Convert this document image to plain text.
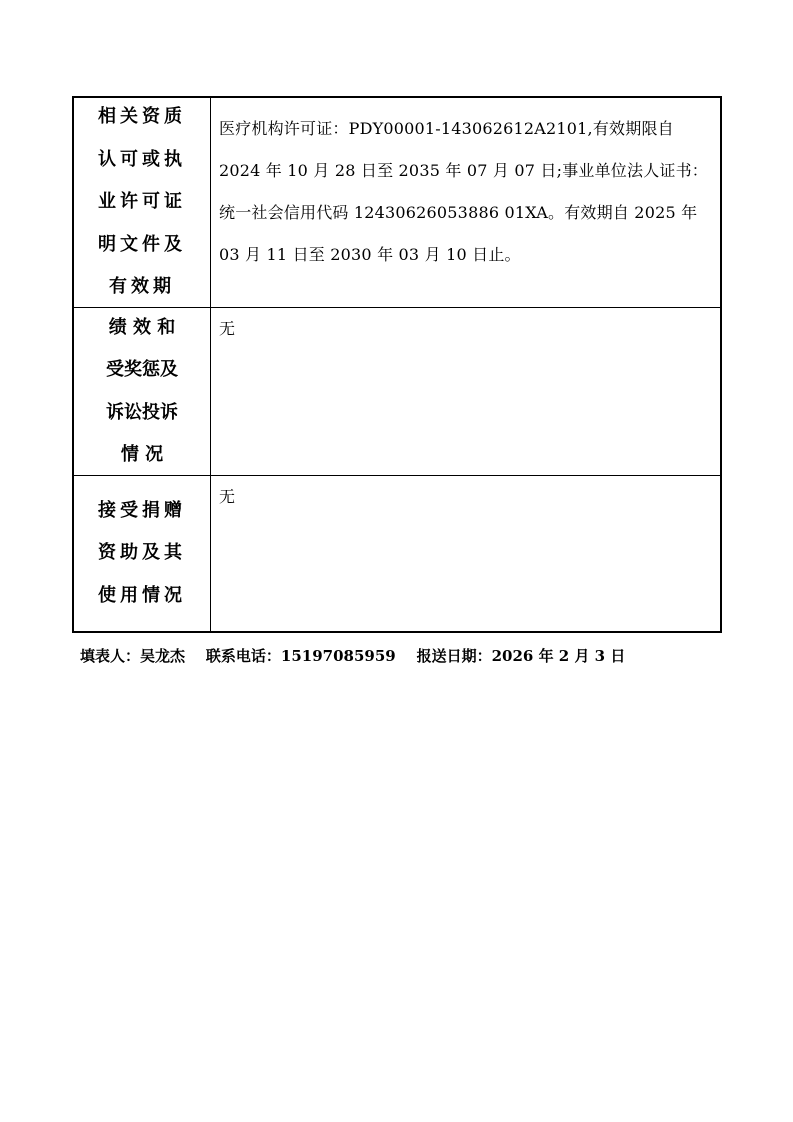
相关资质
认可或执
业许可证
明文件及
有效期
医疗机构许可证：PDY00001-143062612A2101,有效期限自
2024 年 10 月 28 日至 2035 年 07 月 07 日;事业单位法人证书：
统一社会信用代码 12430626053886 01XA。有效期自 2025 年
03 月 11 日至 2030 年 03 月 10 日止。
绩 效 和
受奖惩及
诉讼投诉
情 况
无
接受捐赠
资助及其
使用情况
无
填表人：吴龙杰 联系电话：15197085959 报送日期：2026 年 2 月 3 日
